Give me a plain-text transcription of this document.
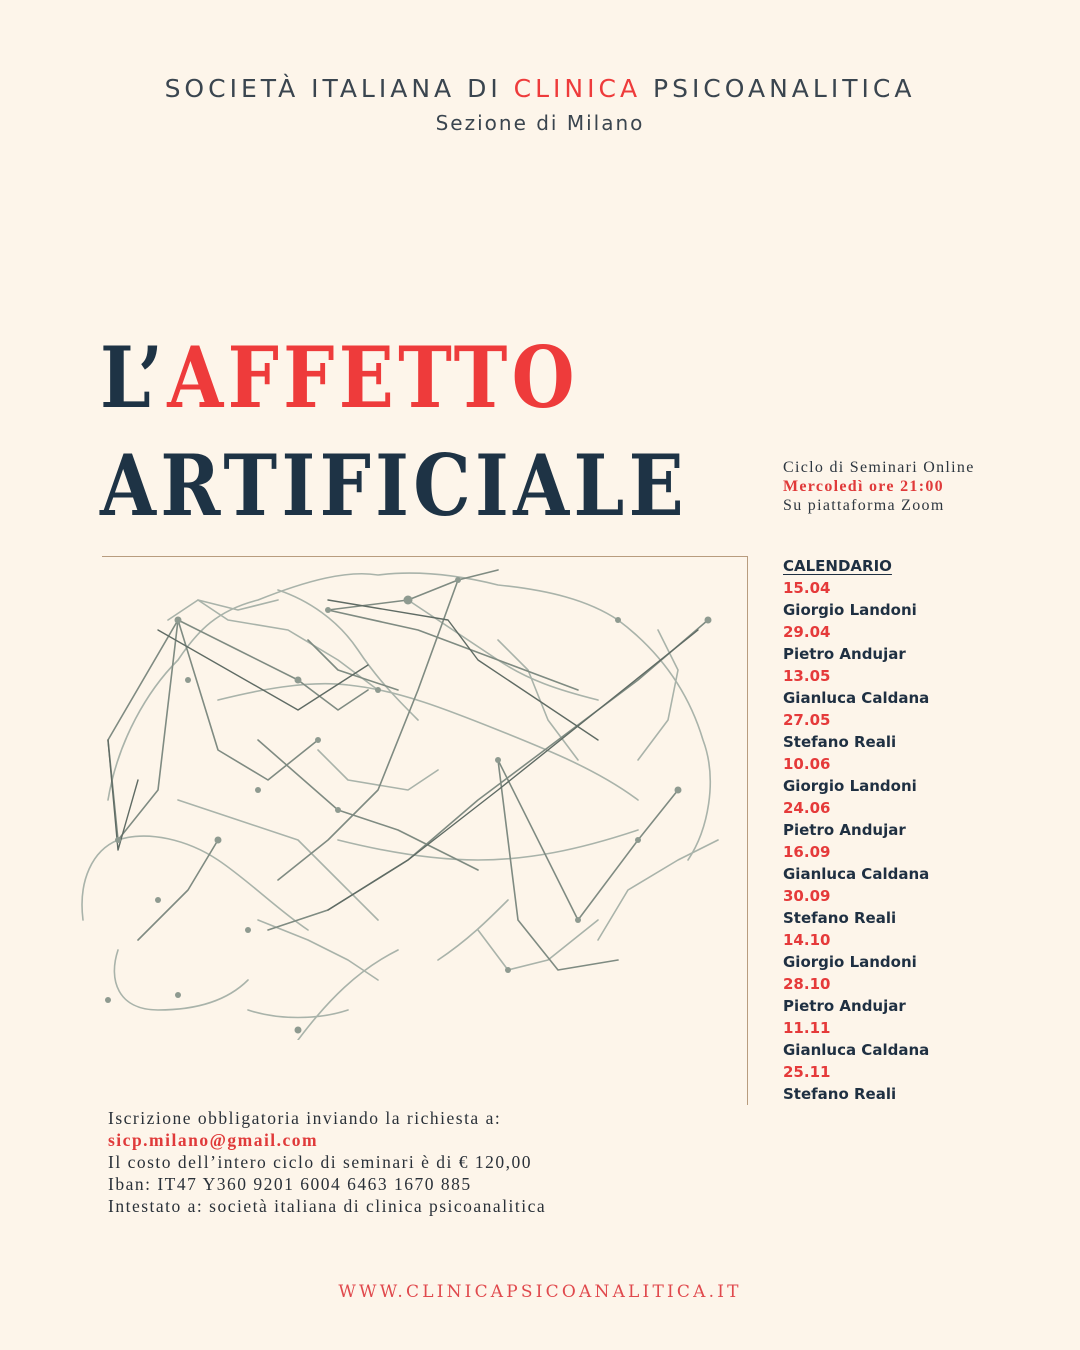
SOCIETÀ ITALIANA DI CLINICA PSICOANALITICA
Sezione di Milano
L’AFFETTO
ARTIFICIALE	Ciclo di Seminari Online
Mercoledì ore 21:00
Su piattaforma Zoom
CALENDARIO
15.04
Giorgio Landoni
29.04
Pietro Andujar
13.05
Gianluca Caldana
27.05
Stefano Reali
10.06
Giorgio Landoni
24.06
Pietro Andujar
16.09
Gianluca Caldana
30.09
Stefano Reali
14.10
Giorgio Landoni
28.10
Pietro Andujar
11.11
Gianluca Caldana
25.11
Stefano Reali
Iscrizione obbligatoria inviando la richiesta a:
sicp.milano@gmail.com
Il costo dell’intero ciclo di seminari è di € 120,00
Iban: IT47 Y360 9201 6004 6463 1670 885
Intestato a: società italiana di clinica psicoanalitica
WWW.CLINICAPSICOANALITICA.IT
